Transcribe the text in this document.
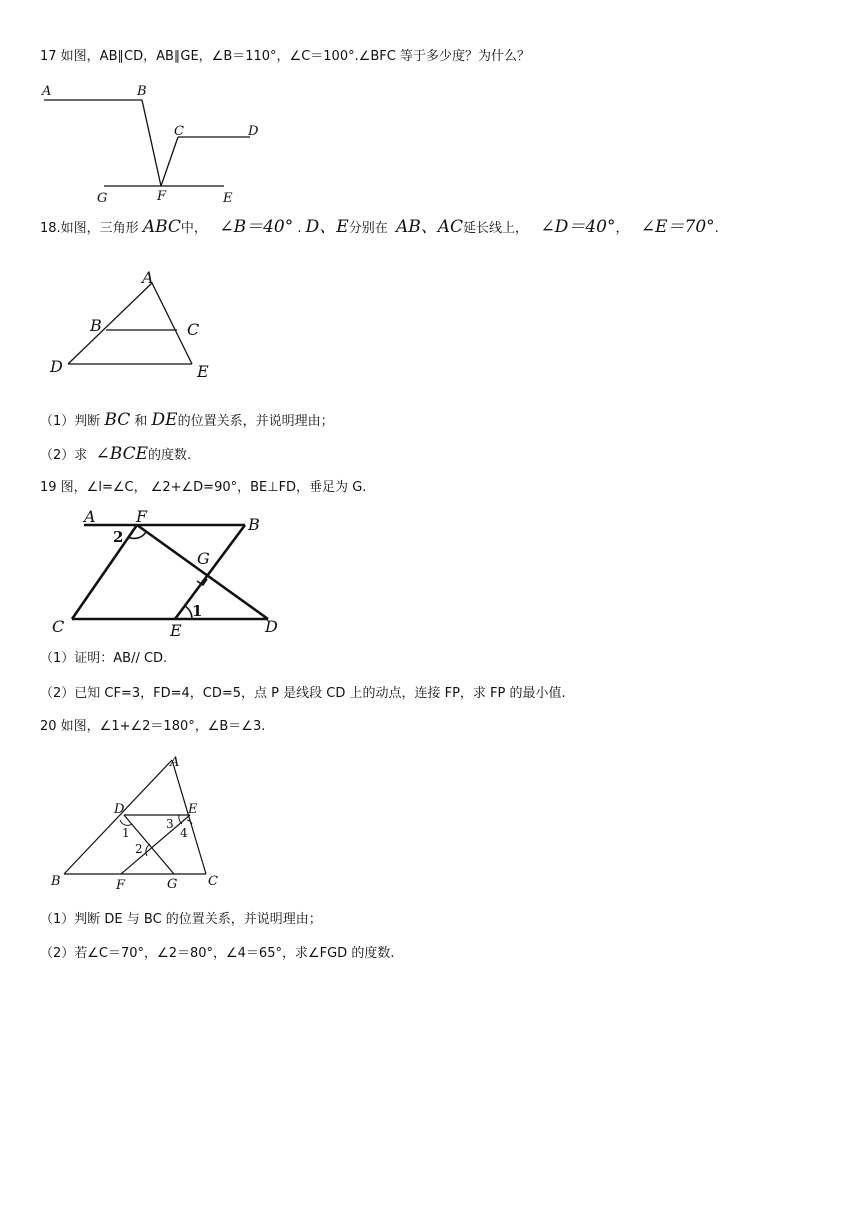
17 如图，AB∥CD，AB∥GE，∠B＝110°，∠C＝100°.∠BFC 等于多少度？为什么？
A	B
C	D
G	F	E
18.如图，三角形 ABC中， ∠B＝40° . D、E分别在 AB、AC延长线上， ∠D＝40°， ∠E＝70°.
A
B	C
D	E
（1）判断 BC 和 DE的位置关系，并说明理由；
（2）求 ∠BCE的度数.
19 图，∠l=∠C， ∠2+∠D=90°，BE⊥FD，垂足为 G.
A	F	B
G
C	E	D
2
1
（1）证明：AB// CD.
（2）已知 CF=3，FD=4，CD=5，点 P 是线段 CD 上的动点，连接 FP，求 FP 的最小值.
20 如图，∠1+∠2＝180°，∠B＝∠3.
A
D	E
B	F	G C
1
2
3
4
（1）判断 DE 与 BC 的位置关系，并说明理由；
（2）若∠C＝70°，∠2＝80°，∠4＝65°，求∠FGD 的度数.
